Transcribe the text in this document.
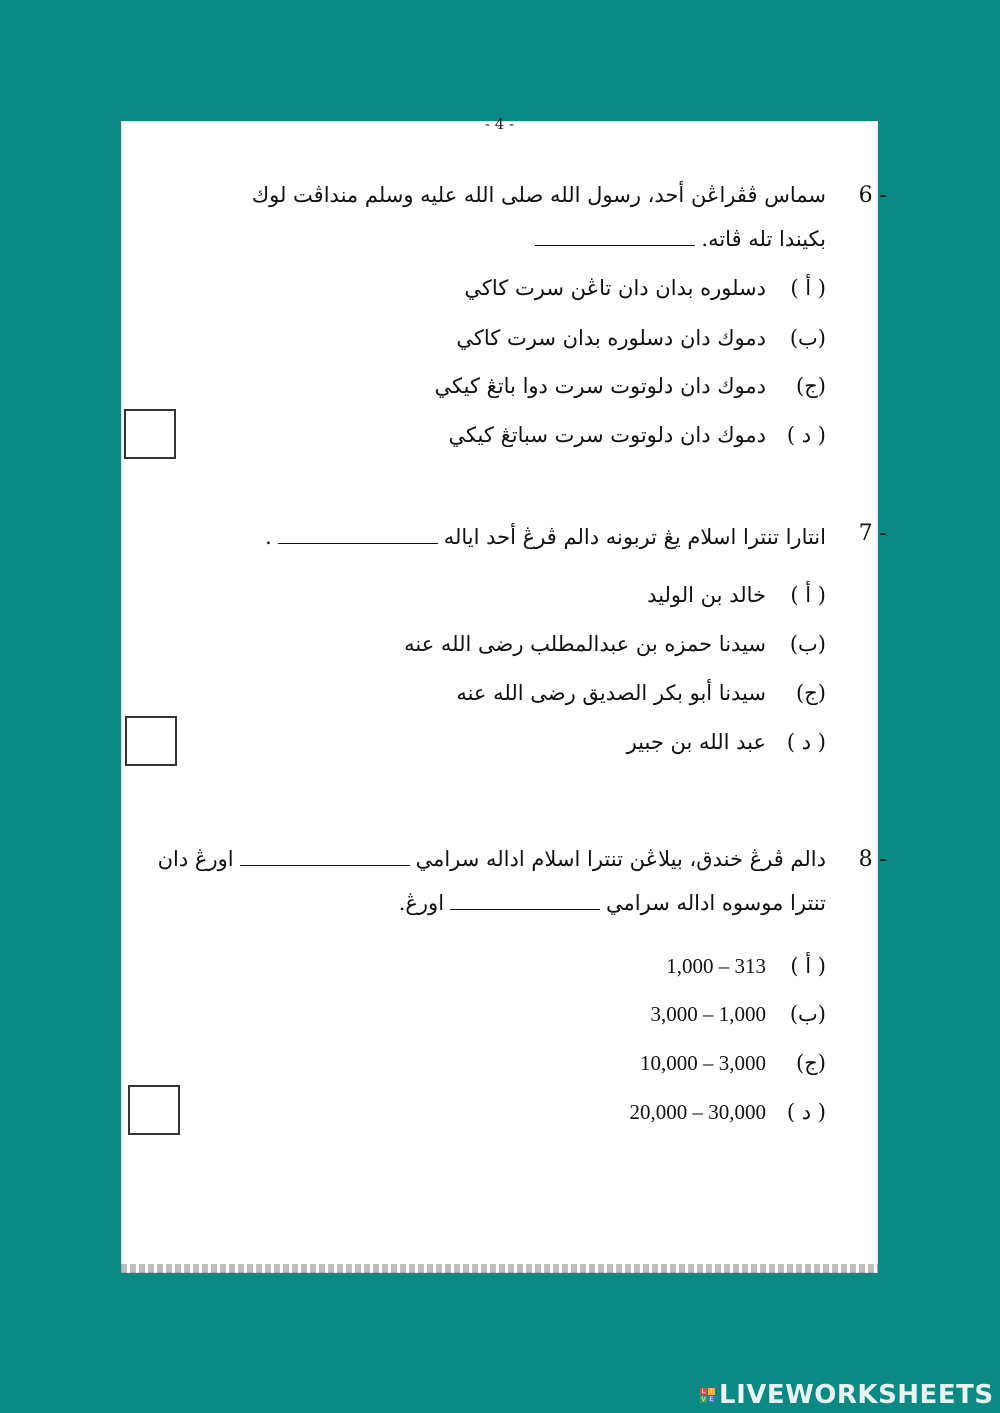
- 4 -

6 -
سماس ڤڤراڠن أحد، رسول الله صلى الله عليه وسلم منداڤت لوك
بکيندا تله ڤاته.
( أ )دسلوره بدان دان تاڠن سرت کاکي
(ب)دموك دان دسلوره بدان سرت کاکي
(ج)دموك دان دلوتوت سرت دوا باتڠ کيکي
( د )دموك دان دلوتوت سرت سباتڠ کيکي
7 -
انتارا تنترا اسلام يڠ تربونه دالم ڤرڠ أحد اياله.
( أ )خالد بن الوليد
(ب)سيدنا حمزه بن عبدالمطلب رضى الله عنه
(ج)سيدنا أبو بکر الصديق رضى الله عنه
( د )عبد الله بن جبير
8 -
دالم ڤرڠ خندق، بيلاڠن تنترا اسلام اداله سرامياورڠ دان
تنترا موسوه اداله سرامياورڠ.
( أ )1,000 – 313
(ب)3,000 – 1,000
(ج)10,000 – 3,000
( د )20,000 – 30,000
L I
V E LIVEWORKSHEETS
